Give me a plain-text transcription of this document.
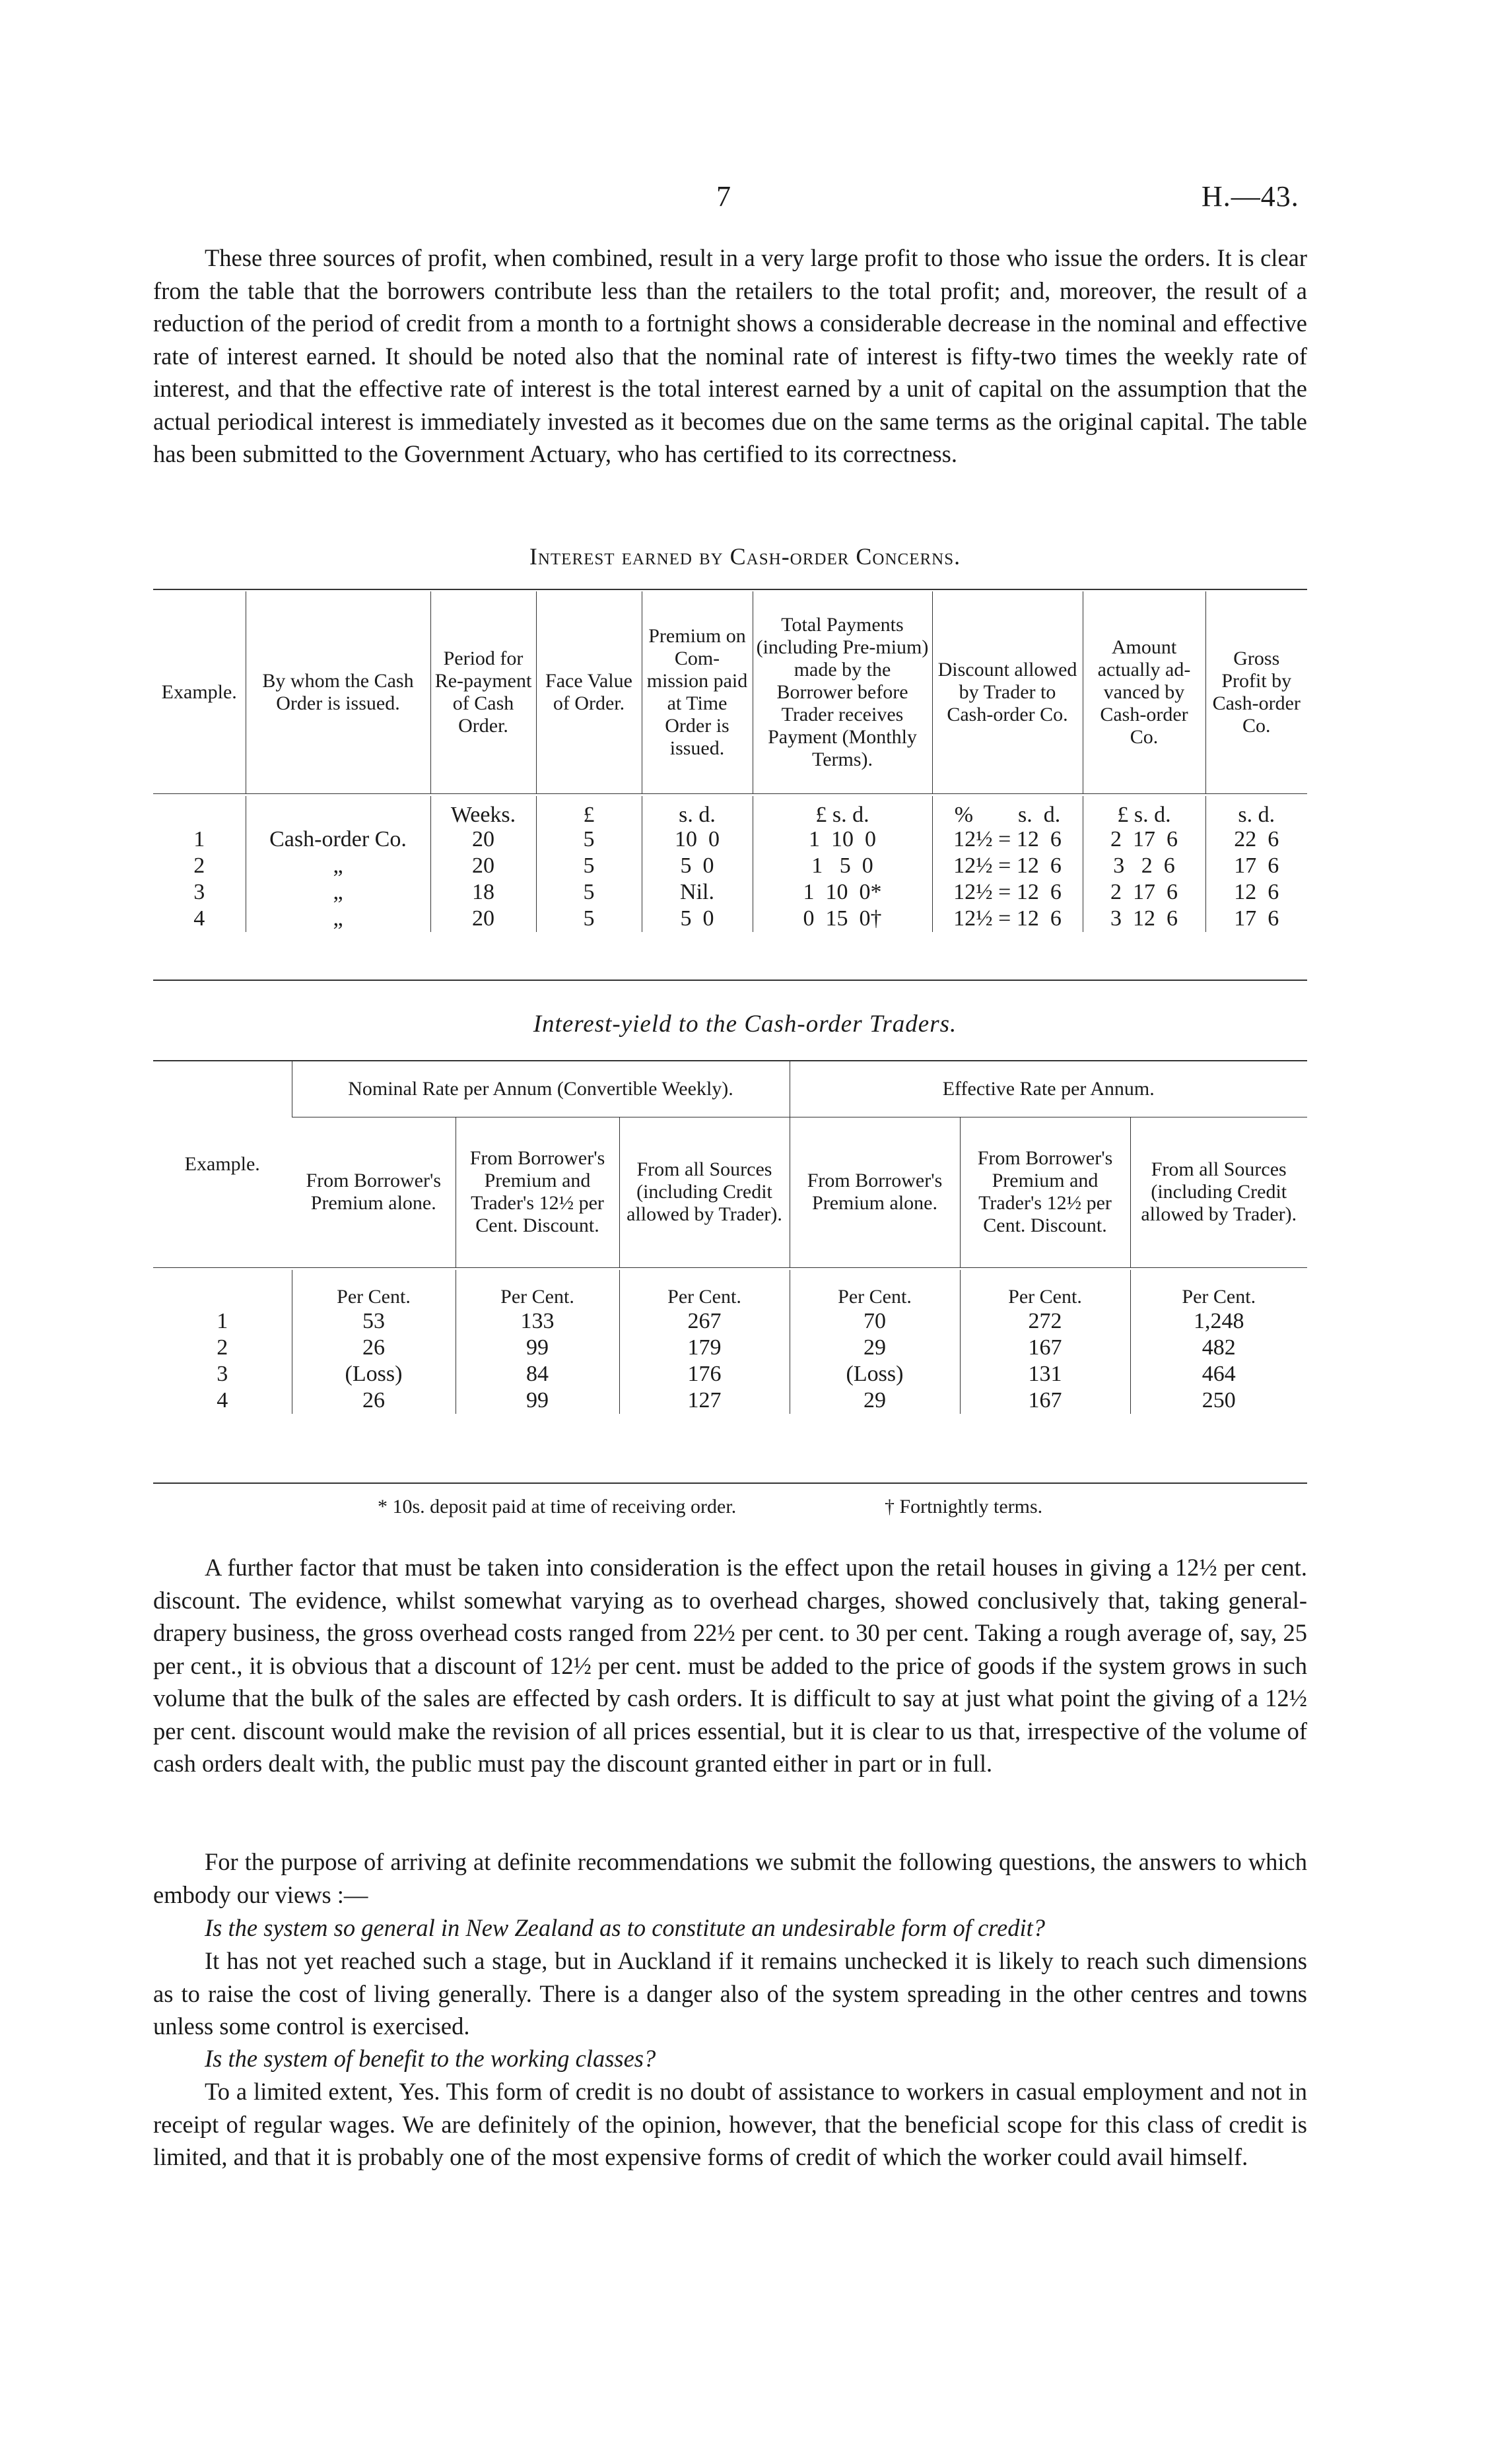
7	H.—43.

These three sources of profit, when combined, result in a very large profit to those who issue the orders. It is clear from the table that the borrowers contribute less than the retailers to the total profit; and, moreover, the result of a reduction of the period of credit from a month to a fortnight shows a considerable decrease in the nominal and effective rate of interest earned. It should be noted also that the nominal rate of interest is fifty-two times the weekly rate of interest, and that the effective rate of interest is the total interest earned by a unit of capital on the assumption that the actual periodical interest is immediately invested as it becomes due on the same terms as the original capital. The table has been submitted to the Government Actuary, who has certified to its correctness.

Interest earned by Cash-order Concerns.
Example.	By whom the Cash Order is issued.	Period for Re-payment of Cash Order.	Face Value of Order.	Premium on Com-mission paid at Time Order is issued.	Total Payments (including Pre-mium) made by the Borrower before Trader receives Payment (Monthly Terms).	Discount allowed by Trader to Cash-order Co.	Amount actually ad-vanced by Cash-order Co.	Gross Profit by Cash-order Co.

		Weeks.	£	s. d.	£ s. d.	%        s.  d.	£ s. d.	s. d.
1	Cash-order Co.	20	5	10  0	1  10  0	12½ = 12  6	2  17  6	22  6
2	„	20	5	5  0	1   5  0	12½ = 12  6	3   2  6	17  6
3	„	18	5	Nil.	1  10  0*	12½ = 12  6	2  17  6	12  6
4	„	20	5	5  0	0  15  0†	12½ = 12  6	3  12  6	17  6

Interest-yield to the Cash-order Traders.
Example.	Nominal Rate per Annum (Convertible Weekly).			Effective Rate per Annum.		
	From Borrower's Premium alone.	From Borrower's Premium and Trader's 12½ per Cent. Discount.	From all Sources (including Credit allowed by Trader).	From Borrower's Premium alone.	From Borrower's Premium and Trader's 12½ per Cent. Discount.	From all Sources (including Credit allowed by Trader).

	Per Cent.	Per Cent.	Per Cent.	Per Cent.	Per Cent.	Per Cent.
1	53	133	267	70	272	1,248
2	26	99	179	29	167	482
3	(Loss)	84	176	(Loss)	131	464
4	26	99	127	29	167	250

* 10s. deposit paid at time of receiving order.	† Fortnightly terms.

A further factor that must be taken into consideration is the effect upon the retail houses in giving a 12½ per cent. discount. The evidence, whilst somewhat varying as to overhead charges, showed conclusively that, taking general-drapery business, the gross overhead costs ranged from 22½ per cent. to 30 per cent. Taking a rough average of, say, 25 per cent., it is obvious that a discount of 12½ per cent. must be added to the price of goods if the system grows in such volume that the bulk of the sales are effected by cash orders. It is difficult to say at just what point the giving of a 12½ per cent. discount would make the revision of all prices essential, but it is clear to us that, irrespective of the volume of cash orders dealt with, the public must pay the discount granted either in part or in full.

For the purpose of arriving at definite recommendations we submit the following questions, the answers to which embody our views :—

Is the system so general in New Zealand as to constitute an undesirable form of credit?

It has not yet reached such a stage, but in Auckland if it remains unchecked it is likely to reach such dimensions as to raise the cost of living generally. There is a danger also of the system spreading in the other centres and towns unless some control is exercised.

Is the system of benefit to the working classes?

To a limited extent, Yes. This form of credit is no doubt of assistance to workers in casual employment and not in receipt of regular wages. We are definitely of the opinion, however, that the beneficial scope for this class of credit is limited, and that it is probably one of the most expensive forms of credit of which the worker could avail himself.
